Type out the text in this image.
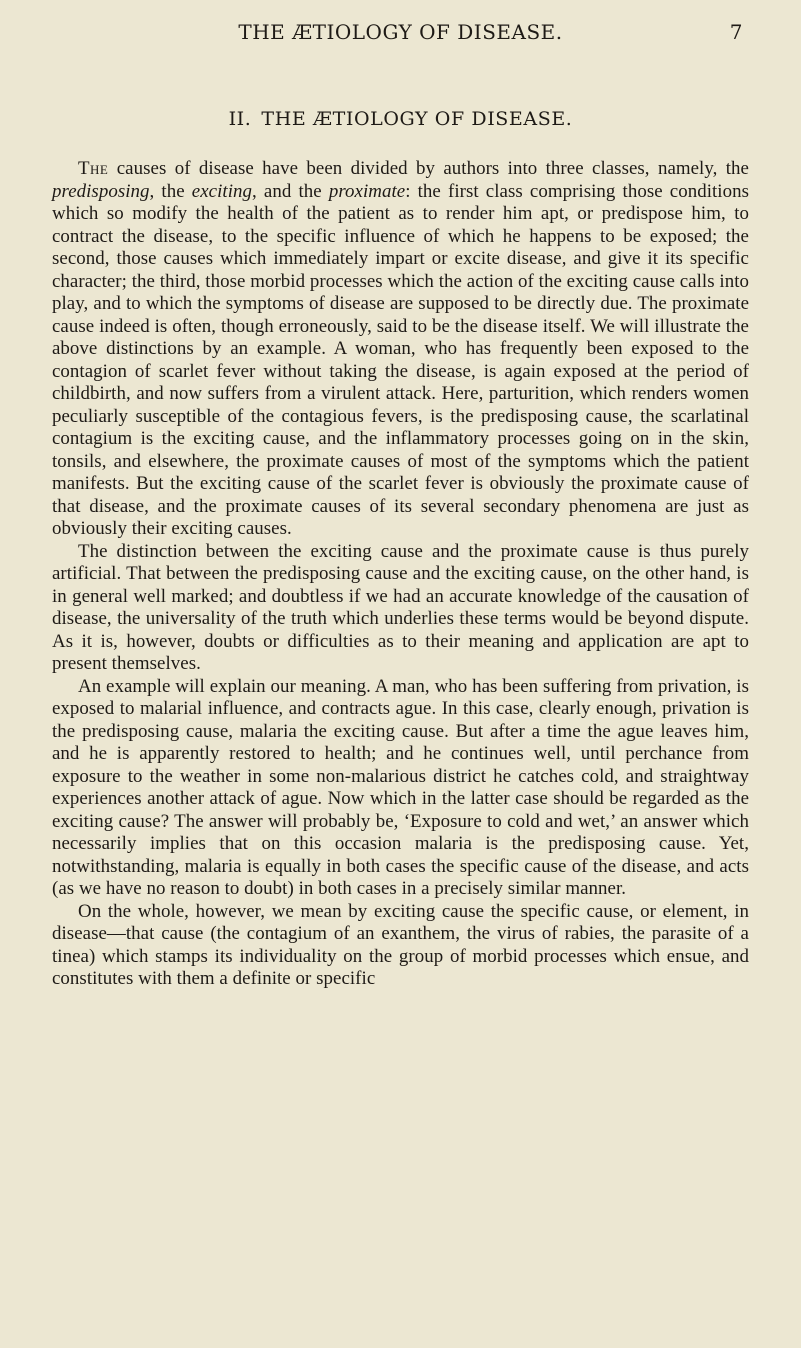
THE ÆTIOLOGY OF DISEASE.	7
II. THE ÆTIOLOGY OF DISEASE.

The causes of disease have been divided by authors into three classes, namely, the predisposing, the exciting, and the proximate: the first class comprising those conditions which so modify the health of the patient as to render him apt, or predispose him, to contract the disease, to the specific influence of which he happens to be exposed; the second, those causes which immediately impart or excite disease, and give it its specific character; the third, those morbid processes which the action of the exciting cause calls into play, and to which the symptoms of disease are supposed to be directly due. The proximate cause indeed is often, though erroneously, said to be the disease itself. We will illustrate the above distinctions by an example. A woman, who has frequently been exposed to the contagion of scarlet fever without taking the disease, is again exposed at the period of childbirth, and now suffers from a virulent attack. Here, parturition, which renders women peculiarly susceptible of the contagious fevers, is the predisposing cause, the scarlatinal contagium is the exciting cause, and the inflammatory processes going on in the skin, tonsils, and elsewhere, the proximate causes of most of the symptoms which the patient manifests. But the exciting cause of the scarlet fever is obviously the proximate cause of that disease, and the proximate causes of its several secondary phenomena are just as obviously their exciting causes.

The distinction between the exciting cause and the proximate cause is thus purely artificial. That between the predisposing cause and the exciting cause, on the other hand, is in general well marked; and doubtless if we had an accurate knowledge of the causation of disease, the universality of the truth which underlies these terms would be beyond dispute. As it is, however, doubts or difficulties as to their meaning and application are apt to present themselves.

An example will explain our meaning. A man, who has been suffering from privation, is exposed to malarial influence, and contracts ague. In this case, clearly enough, privation is the predisposing cause, malaria the exciting cause. But after a time the ague leaves him, and he is apparently restored to health; and he continues well, until perchance from exposure to the weather in some non-malarious district he catches cold, and straightway experiences another attack of ague. Now which in the latter case should be regarded as the exciting cause? The answer will probably be, ‘Exposure to cold and wet,’ an answer which necessarily implies that on this occasion malaria is the predisposing cause. Yet, notwithstanding, malaria is equally in both cases the specific cause of the disease, and acts (as we have no reason to doubt) in both cases in a precisely similar manner.

On the whole, however, we mean by exciting cause the specific cause, or element, in disease—that cause (the contagium of an exanthem, the virus of rabies, the parasite of a tinea) which stamps its individuality on the group of morbid processes which ensue, and constitutes with them a definite or specific
